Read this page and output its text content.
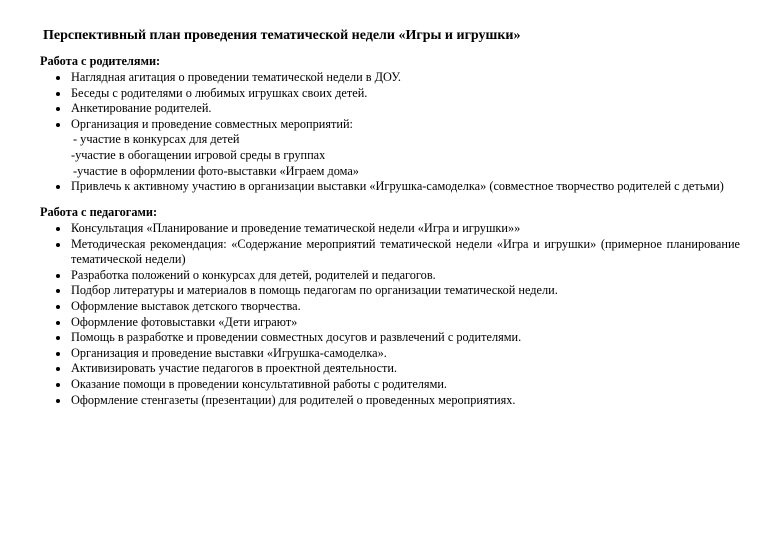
Перспективный план проведения тематической недели «Игры и игрушки»
Работа с родителями:
Наглядная агитация о проведении тематической недели в ДОУ.
Беседы с родителями о любимых игрушках своих детей.
Анкетирование родителей.
Организация и проведение совместных мероприятий:
- участие в конкурсах для детей
-участие в обогащении игровой среды в группах
-участие в оформлении фото-выставки «Играем дома»
Привлечь к активному участию в организации выставки «Игрушка-самоделка» (совместное творчество родителей с детьми)
Работа с педагогами:
Консультация «Планирование и проведение тематической недели «Игра и игрушки»»
Методическая рекомендация: «Содержание мероприятий тематической недели «Игра и игрушки» (примерное планирование тематической недели)
Разработка положений о конкурсах для детей, родителей и педагогов.
Подбор литературы и материалов в помощь педагогам по организации тематической недели.
Оформление выставок детского творчества.
Оформление фотовыставки «Дети играют»
Помощь в разработке и проведении совместных досугов и развлечений с родителями.
Организация и проведение выставки «Игрушка-самоделка».
Активизировать участие педагогов в проектной деятельности.
Оказание помощи в проведении консультативной работы с родителями.
Оформление стенгазеты (презентации) для родителей о проведенных мероприятиях.
